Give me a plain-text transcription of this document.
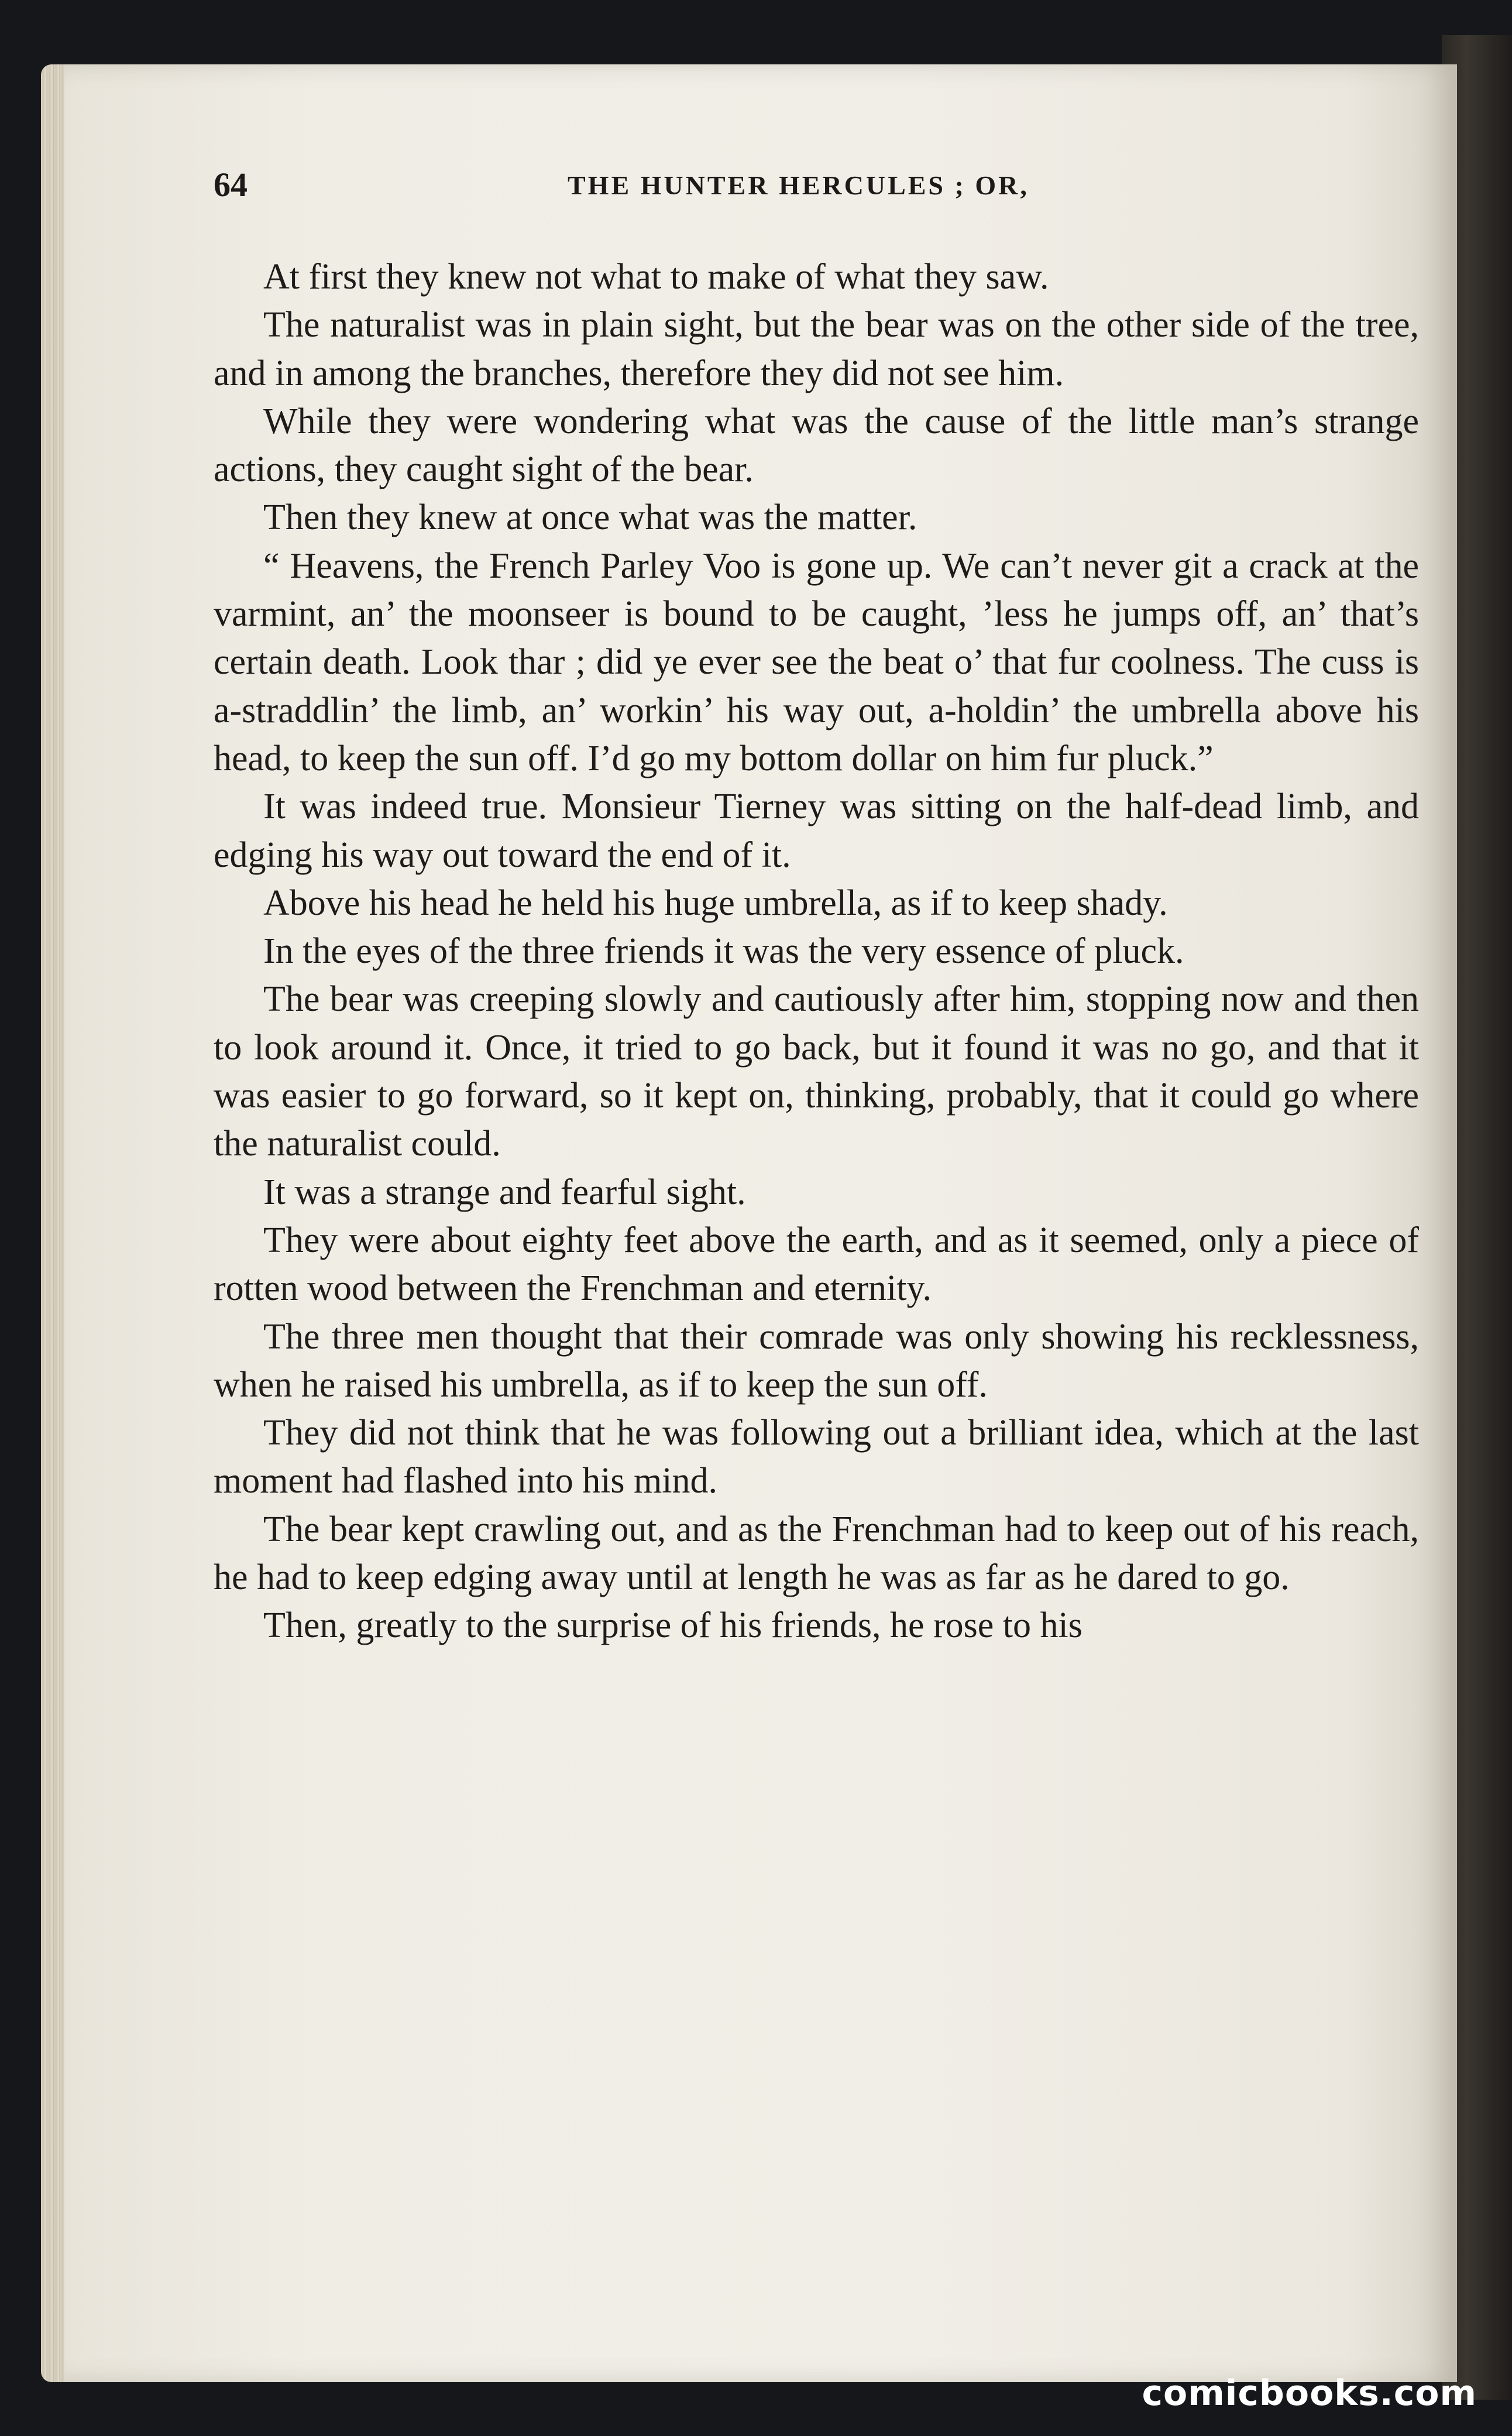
64	THE HUNTER HERCULES ; OR,

At first they knew not what to make of what they saw.

The naturalist was in plain sight, but the bear was on the other side of the tree, and in among the branches, therefore they did not see him.

While they were wondering what was the cause of the little man’s strange actions, they caught sight of the bear.

Then they knew at once what was the matter.

“ Heavens, the French Parley Voo is gone up. We can’t never git a crack at the varmint, an’ the moonseer is bound to be caught, ’less he jumps off, an’ that’s certain death. Look thar ; did ye ever see the beat o’ that fur coolness. The cuss is a-straddlin’ the limb, an’ workin’ his way out, a-holdin’ the umbrella above his head, to keep the sun off. I’d go my bottom dollar on him fur pluck.”

It was indeed true. Monsieur Tierney was sitting on the half-dead limb, and edging his way out toward the end of it.

Above his head he held his huge umbrella, as if to keep shady.

In the eyes of the three friends it was the very essence of pluck.

The bear was creeping slowly and cautiously after him, stopping now and then to look around it. Once, it tried to go back, but it found it was no go, and that it was easier to go forward, so it kept on, thinking, probably, that it could go where the naturalist could.

It was a strange and fearful sight.

They were about eighty feet above the earth, and as it seemed, only a piece of rotten wood between the Frenchman and eternity.

The three men thought that their comrade was only showing his recklessness, when he raised his umbrella, as if to keep the sun off.

They did not think that he was following out a brilliant idea, which at the last moment had flashed into his mind.

The bear kept crawling out, and as the Frenchman had to keep out of his reach, he had to keep edging away until at length he was as far as he dared to go.

Then, greatly to the surprise of his friends, he rose to his

comicbooks.com
